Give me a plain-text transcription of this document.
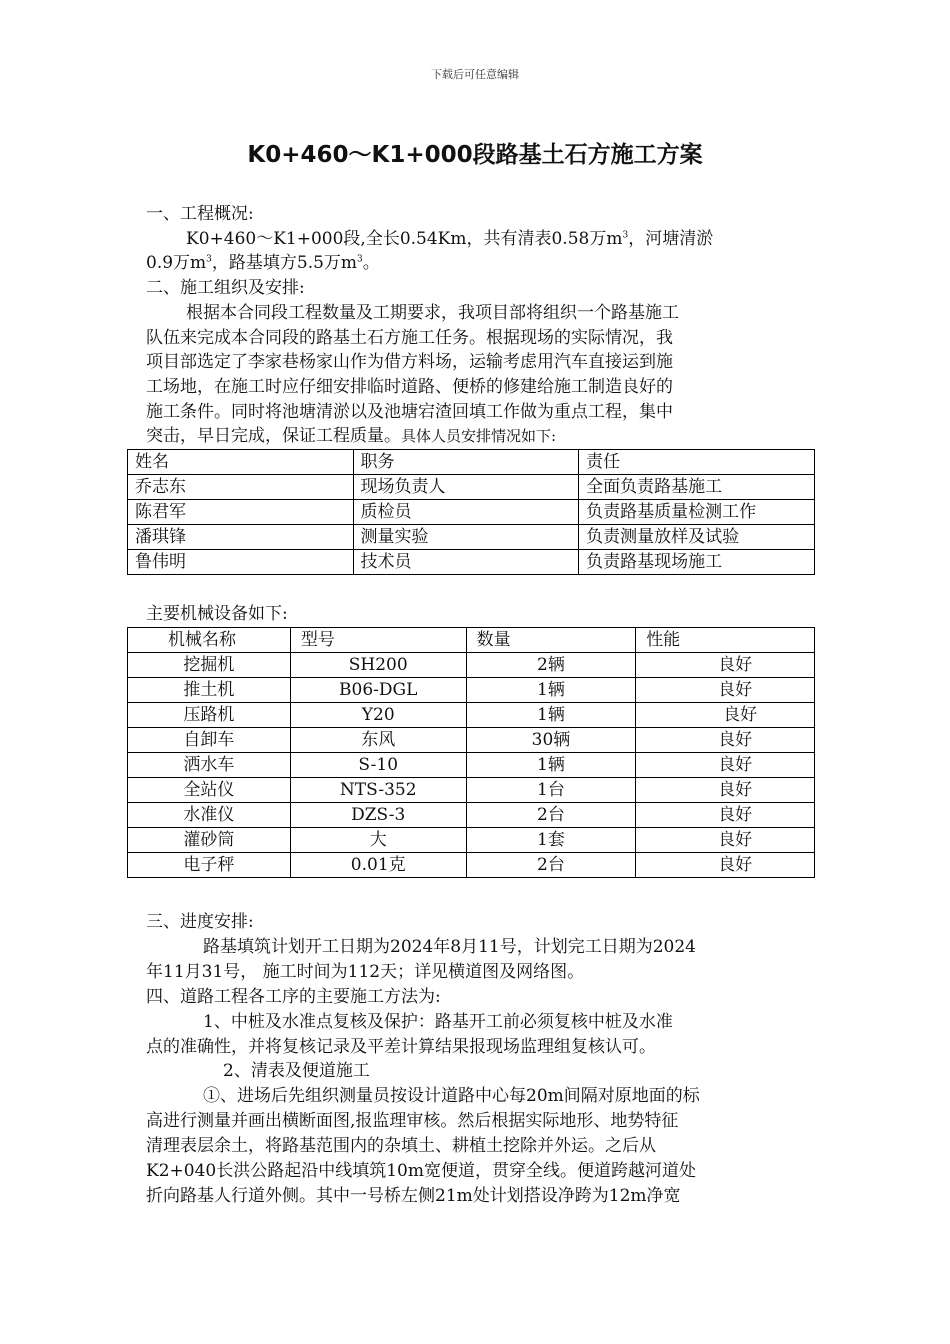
下载后可任意编辑
K0+460～K1+000段路基土石方施工方案
一、工程概况:
K0+460～K1+000段,全长0.54Km，共有清表0.58万$m^3$，河塘清淤
0.9万$m^3$，路基填方5.5万$m^3$。
二、施工组织及安排:
根据本合同段工程数量及工期要求，我项目部将组织一个路基施工
队伍来完成本合同段的路基土石方施工任务。根据现场的实际情况，我
项目部选定了李家巷杨家山作为借方料场，运输考虑用汽车直接运到施
工场地，在施工时应仔细安排临时道路、便桥的修建给施工制造良好的
施工条件。同时将池塘清淤以及池塘宕渣回填工作做为重点工程，集中
突击，早日完成，保证工程质量。具体人员安排情况如下:
姓名	职务	责任
乔志东	现场负责人	全面负责路基施工
陈君军	质检员	负责路基质量检测工作
潘琪锋	测量实验	负责测量放样及试验
鲁伟明	技术员	负责路基现场施工
主要机械设备如下:
机械名称	型号	数量	性能
挖掘机	SH200	2辆	良好
推土机	B06-DGL	1辆	良好
压路机	Y20	1辆	良好
自卸车	东风	30辆	良好
洒水车	S-10	1辆	良好
全站仪	NTS-352	1台	良好
水准仪	DZS-3	2台	良好
灌砂筒	大	1套	良好
电子秤	0.01克	2台	良好
三、进度安排:
路基填筑计划开工日期为2024年8月11号，计划完工日期为2024
年11月31号， 施工时间为112天；详见横道图及网络图。
四、道路工程各工序的主要施工方法为:
1、中桩及水准点复核及保护：路基开工前必须复核中桩及水准
点的准确性，并将复核记录及平差计算结果报现场监理组复核认可。
2、清表及便道施工
①、进场后先组织测量员按设计道路中心每20m间隔对原地面的标
高进行测量并画出横断面图,报监理审核。然后根据实际地形、地势特征
清理表层余土，将路基范围内的杂填土、耕植土挖除并外运。之后从
K2+040长洪公路起沿中线填筑10m宽便道，贯穿全线。便道跨越河道处
折向路基人行道外侧。其中一号桥左侧21m处计划搭设净跨为12m净宽
